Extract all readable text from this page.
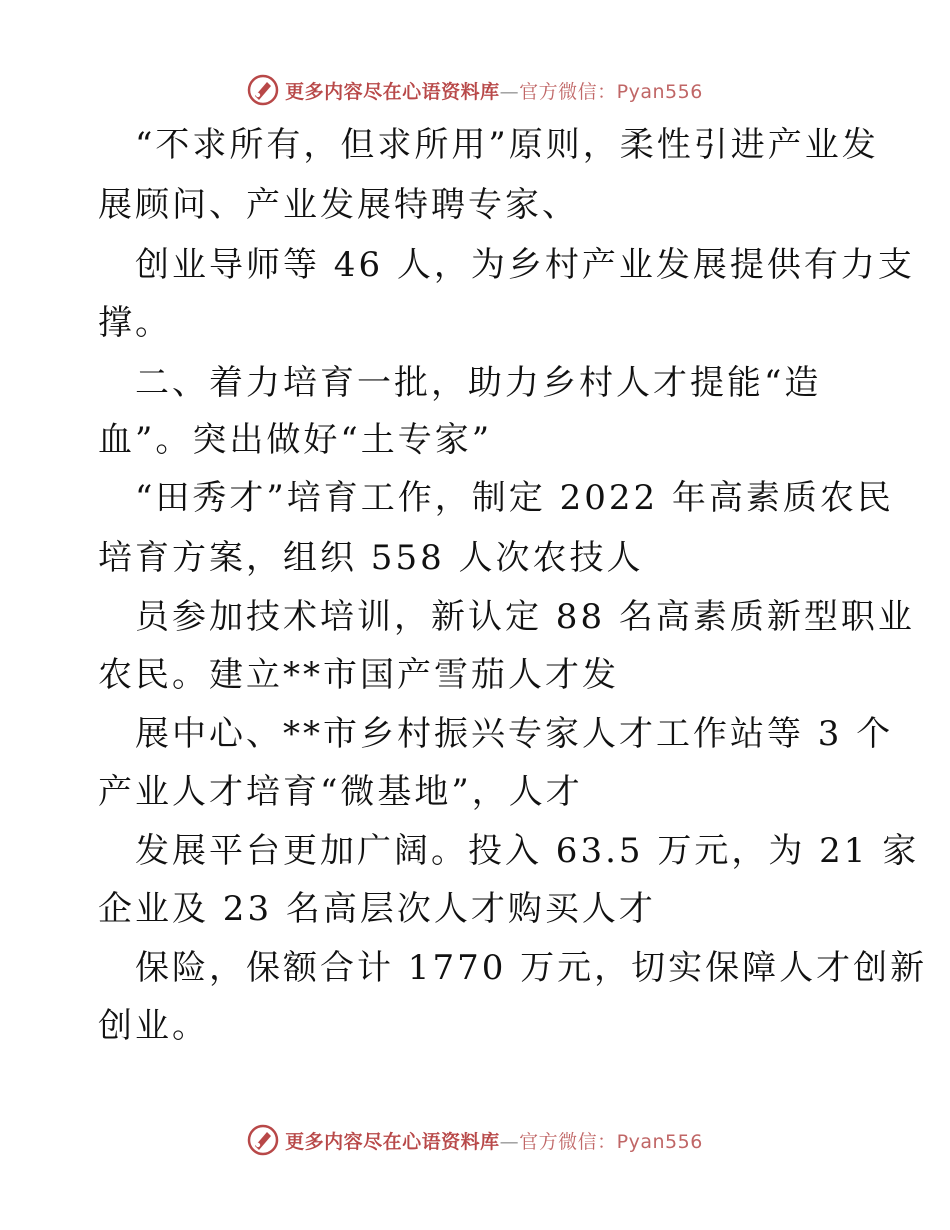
更多内容尽在心语资料库—官方微信：Pyan556
“不求所有，但求所用”原则，柔性引进产业发
展顾问、产业发展特聘专家、
创业导师等 46 人，为乡村产业发展提供有力支
撑。
二、着力培育一批，助力乡村人才提能“造
血”。突出做好“土专家”
“田秀才”培育工作，制定 2022 年高素质农民
培育方案，组织 558 人次农技人
员参加技术培训，新认定 88 名高素质新型职业
农民。建立**市国产雪茄人才发
展中心、**市乡村振兴专家人才工作站等 3 个
产业人才培育“微基地”，人才
发展平台更加广阔。投入 63.5 万元，为 21 家
企业及 23 名高层次人才购买人才
保险，保额合计 1770 万元，切实保障人才创新
创业。
更多内容尽在心语资料库—官方微信：Pyan556
